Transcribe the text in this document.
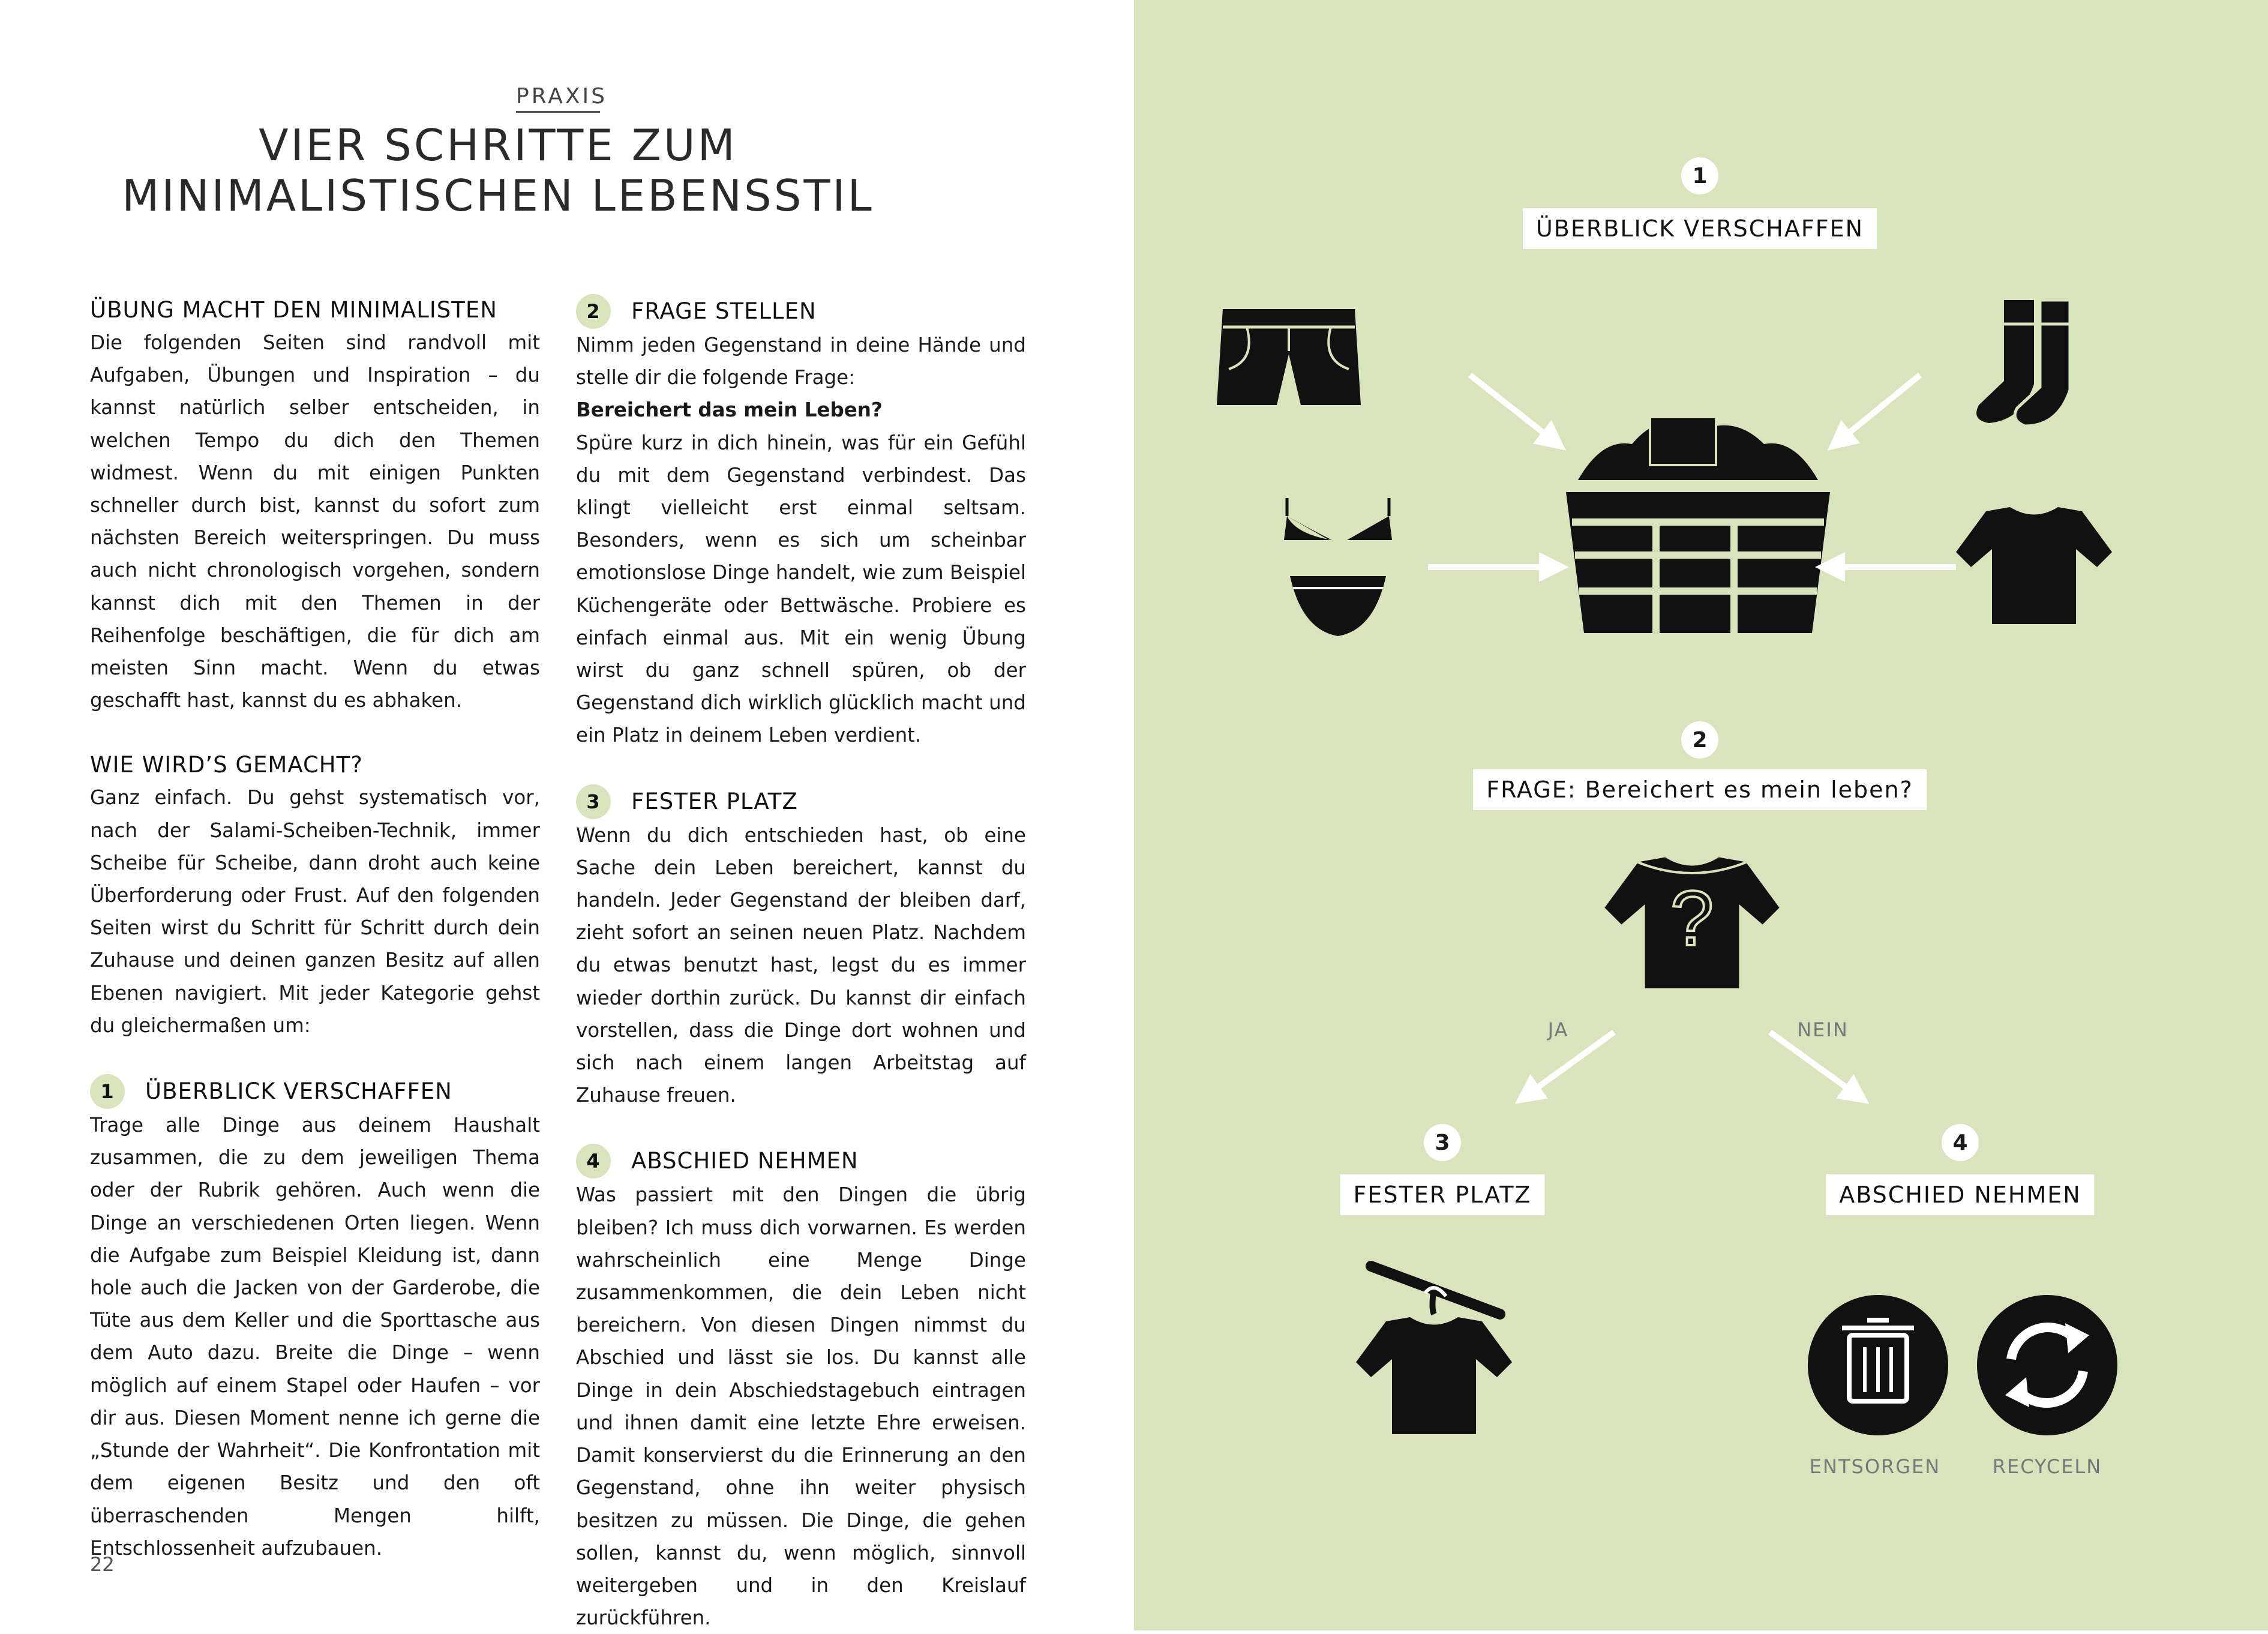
PRAXIS
VIER SCHRITTE ZUM
MINIMALISTISCHEN LEBENSSTIL
ÜBUNG MACHT DEN MINIMALISTEN

Die folgenden Seiten sind randvoll mit Aufgaben, Übungen und Inspiration – du kannst natürlich selber entscheiden, in welchen Tempo du dich den Themen widmest. Wenn du mit einigen Punkten schneller durch bist, kannst du sofort zum nächsten Bereich weiterspringen. Du muss auch nicht chronologisch vorgehen, sondern kannst dich mit den Themen in der Reihenfolge beschäftigen, die für dich am meisten Sinn macht. Wenn du etwas geschafft hast, kannst du es abhaken.

WIE WIRD’S GEMACHT?

Ganz einfach. Du gehst systematisch vor, nach der Salami-Scheiben-Technik, immer Scheibe für Scheibe, dann droht auch keine Überforderung oder Frust. Auf den folgenden Seiten wirst du Schritt für Schritt durch dein Zuhause und deinen ganzen Besitz auf allen Ebenen navigiert. Mit jeder Kategorie gehst du gleichermaßen um:

1	ÜBERBLICK VERSCHAFFEN

Trage alle Dinge aus deinem Haushalt zusammen, die zu dem jeweiligen Thema oder der Rubrik gehören. Auch wenn die Dinge an verschiedenen Orten liegen. Wenn die Aufgabe zum Beispiel Kleidung ist, dann hole auch die Jacken von der Garderobe, die Tüte aus dem Keller und die Sporttasche aus dem Auto dazu. Breite die Dinge – wenn möglich auf einem Stapel oder Haufen – vor dir aus. Diesen Moment nenne ich gerne die „Stunde der Wahrheit“. Die Konfrontation mit dem eigenen Besitz und den oft überraschenden Mengen hilft, Entschlossenheit aufzubauen.

2	FRAGE STELLEN

Nimm jeden Gegenstand in deine Hände und stelle dir die folgende Frage:

Bereichert das mein Leben?

Spüre kurz in dich hinein, was für ein Gefühl du mit dem Gegenstand verbindest. Das klingt vielleicht erst einmal seltsam. Besonders, wenn es sich um scheinbar emotionslose Dinge handelt, wie zum Beispiel Küchengeräte oder Bettwäsche. Probiere es einfach einmal aus. Mit ein wenig Übung wirst du ganz schnell spüren, ob der Gegenstand dich wirklich glücklich macht und ein Platz in deinem Leben verdient.

3	FESTER PLATZ

Wenn du dich entschieden hast, ob eine Sache dein Leben bereichert, kannst du handeln. Jeder Gegenstand der bleiben darf, zieht sofort an seinen neuen Platz. Nachdem du etwas benutzt hast, legst du es immer wieder dorthin zurück. Du kannst dir einfach vorstellen, dass die Dinge dort wohnen und sich nach einem langen Arbeitstag auf Zuhause freuen.

4	ABSCHIED NEHMEN

Was passiert mit den Dingen die übrig bleiben? Ich muss dich vorwarnen. Es werden wahrscheinlich eine Menge Dinge zusammenkommen, die dein Leben nicht bereichern. Von diesen Dingen nimmst du Abschied und lässt sie los. Du kannst alle Dinge in dein Abschiedstagebuch eintragen und ihnen damit eine letzte Ehre erweisen. Damit konservierst du die Erinnerung an den Gegenstand, ohne ihn weiter physisch besitzen zu müssen. Die Dinge, die gehen sollen, kannst du, wenn möglich, sinnvoll weitergeben und in den Kreislauf zurückführen.

22
?
1
ÜBERBLICK VERSCHAFFEN
2
FRAGE: Bereichert es mein leben?
JA	NEIN
3
FESTER PLATZ
4
ABSCHIED NEHMEN
ENTSORGEN	RECYCELN
